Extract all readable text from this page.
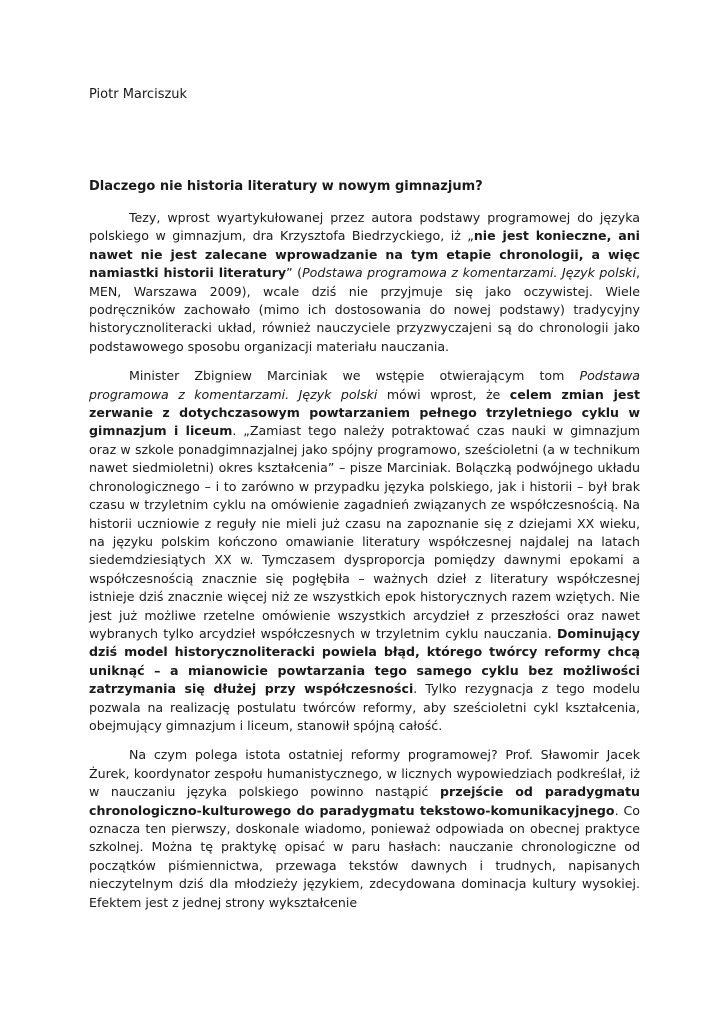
Piotr Marciszuk
Dlaczego nie historia literatury w nowym gimnazjum?

Tezy, wprost wyartykułowanej przez autora podstawy programowej do języka polskiego w gimnazjum, dra Krzysztofa Biedrzyckiego, iż „nie jest konieczne, ani nawet nie jest zalecane wprowadzanie na tym etapie chronologii, a więc namiastki historii literatury” (Podstawa programowa z komentarzami. Język polski, MEN, Warszawa 2009), wcale dziś nie przyjmuje się jako oczywistej. Wiele podręczników zachowało (mimo ich dostosowania do nowej podstawy) tradycyjny historycznoliteracki układ, również nauczyciele przyzwyczajeni są do chronologii jako podstawowego sposobu organizacji materiału nauczania.

Minister Zbigniew Marciniak we wstępie otwierającym tom Podstawa programowa z komentarzami. Język polski mówi wprost, że celem zmian jest zerwanie z dotychczasowym powtarzaniem pełnego trzyletniego cyklu w gimnazjum i liceum. „Zamiast tego należy potraktować czas nauki w gimnazjum oraz w szkole ponadgimnazjalnej jako spójny programowo, sześcioletni (a w technikum nawet siedmioletni) okres kształcenia” – pisze Marciniak. Bolączką podwójnego układu chronologicznego – i to zarówno w przypadku języka polskiego, jak i historii – był brak czasu w trzyletnim cyklu na omówienie zagadnień związanych ze współczesnością. Na historii uczniowie z reguły nie mieli już czasu na zapoznanie się z dziejami XX wieku, na języku polskim kończono omawianie literatury współczesnej najdalej na latach siedemdziesiątych XX w. Tymczasem dysproporcja pomiędzy dawnymi epokami a współczesnością znacznie się pogłębiła – ważnych dzieł z literatury współczesnej istnieje dziś znacznie więcej niż ze wszystkich epok historycznych razem wziętych. Nie jest już możliwe rzetelne omówienie wszystkich arcydzieł z przeszłości oraz nawet wybranych tylko arcydzieł współczesnych w trzyletnim cyklu nauczania. Dominujący dziś model historycznoliteracki powiela błąd, którego twórcy reformy chcą uniknąć – a mianowicie powtarzania tego samego cyklu bez możliwości zatrzymania się dłużej przy współczesności. Tylko rezygnacja z tego modelu pozwala na realizację postulatu twórców reformy, aby sześcioletni cykl kształcenia, obejmujący gimnazjum i liceum, stanowił spójną całość.

Na czym polega istota ostatniej reformy programowej? Prof. Sławomir Jacek Żurek, koordynator zespołu humanistycznego, w licznych wypowiedziach podkreślał, iż w nauczaniu języka polskiego powinno nastąpić przejście od paradygmatu chronologiczno-kulturowego do paradygmatu tekstowo-komunikacyjnego. Co oznacza ten pierwszy, doskonale wiadomo, ponieważ odpowiada on obecnej praktyce szkolnej. Można tę praktykę opisać w paru hasłach: nauczanie chronologiczne od początków piśmiennictwa, przewaga tekstów dawnych i trudnych, napisanych nieczytelnym dziś dla młodzieży językiem, zdecydowana dominacja kultury wysokiej. Efektem jest z jednej strony wykształcenie
